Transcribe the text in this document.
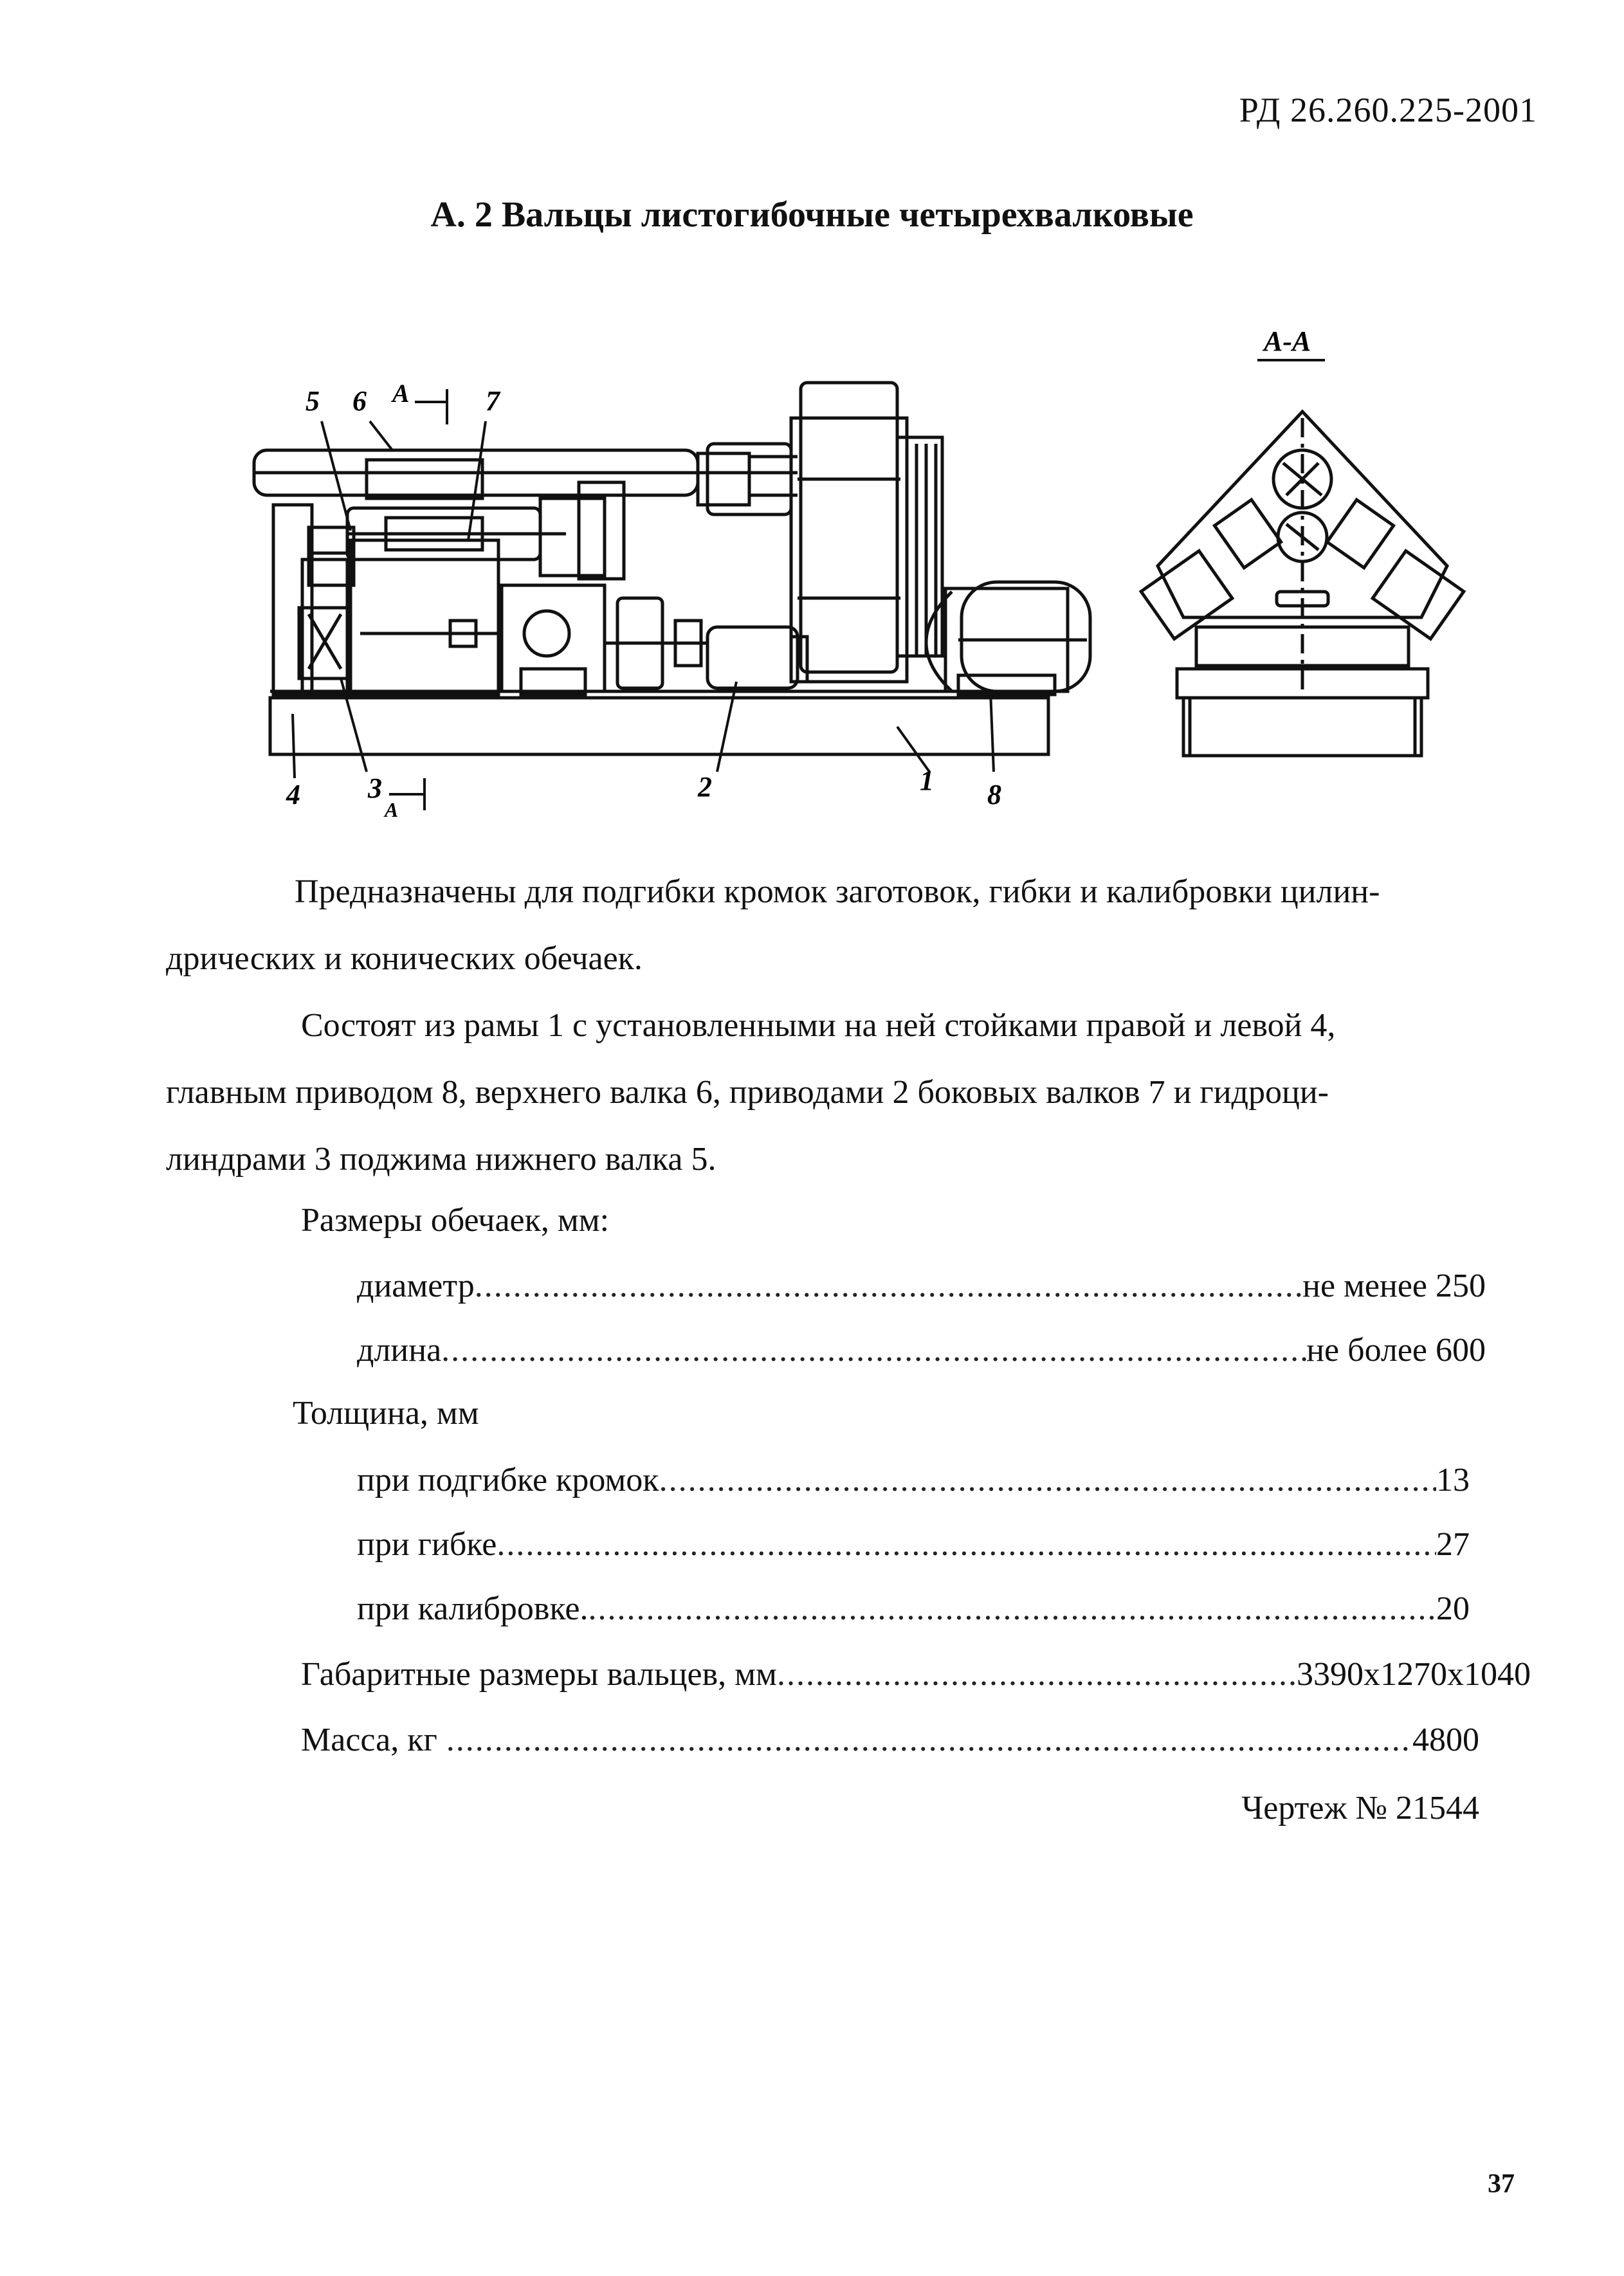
РД 26.260.225-2001
А. 2 Вальцы листогибочные четырехвалковые
5 6 А	7
4 3
А
2	1 8
А-А
Предназначены для подгибки кромок заготовок, гибки и калибровки цилин-
дрических и конических обечаек.
Состоят из рамы 1 с установленными на ней стойками правой и левой 4,
главным приводом 8, верхнего валка 6, приводами 2 боковых валков 7 и гидроци-
линдрами 3 поджима нижнего валка 5.
Размеры обечаек, мм:
диаметр .....	не менее 250
длина .....	не более 600
Толщина, мм
при подгибке кромок .....	13
при гибке .....	27
при калибровке. .....	20
Габаритные размеры вальцев, мм .....	3390x1270x1040
Масса, кг .....	4800
Чертеж № 21544
37
